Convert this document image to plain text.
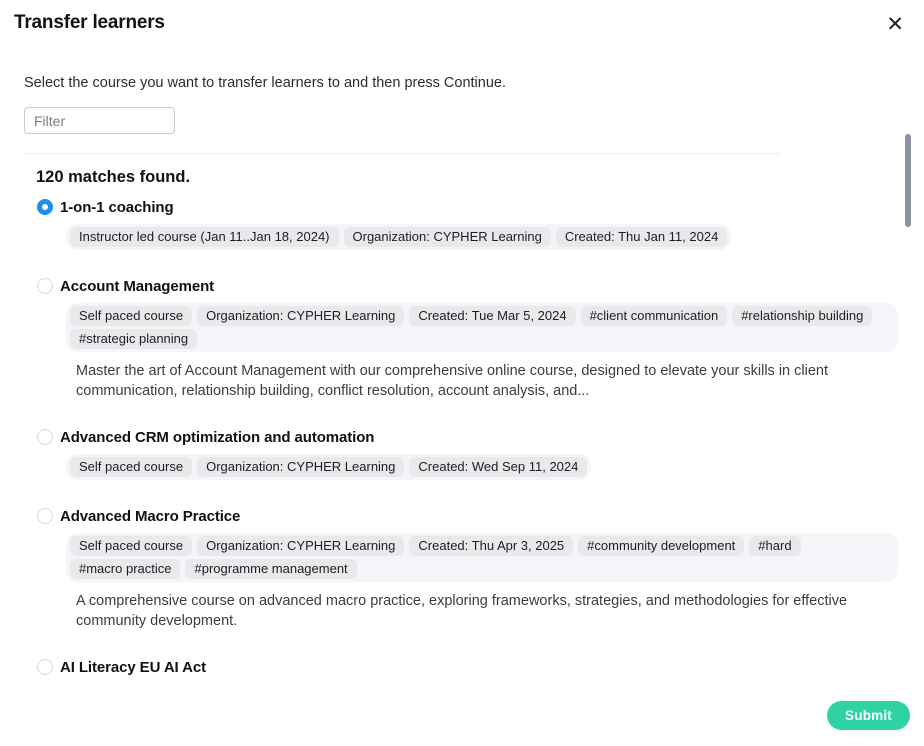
Transfer learners	✕
Select the course you want to transfer learners to and then press Continue.
Filter
120 matches found.
1-on-1 coaching
Instructor led course (Jan 11..Jan 18, 2024)	Organization: CYPHER Learning	Created: Thu Jan 11, 2024
Account Management
Self paced course	Organization: CYPHER Learning	Created: Tue Mar 5, 2024	#client communication	#relationship building
#strategic planning
Master the art of Account Management with our comprehensive online course, designed to elevate your skills in client communication, relationship building, conflict resolution, account analysis, and...
Advanced CRM optimization and automation
Self paced course	Organization: CYPHER Learning	Created: Wed Sep 11, 2024
Advanced Macro Practice
Self paced course	Organization: CYPHER Learning	Created: Thu Apr 3, 2025	#community development	#hard
#macro practice	#programme management
A comprehensive course on advanced macro practice, exploring frameworks, strategies, and methodologies for effective community development.
AI Literacy EU AI Act
Submit
